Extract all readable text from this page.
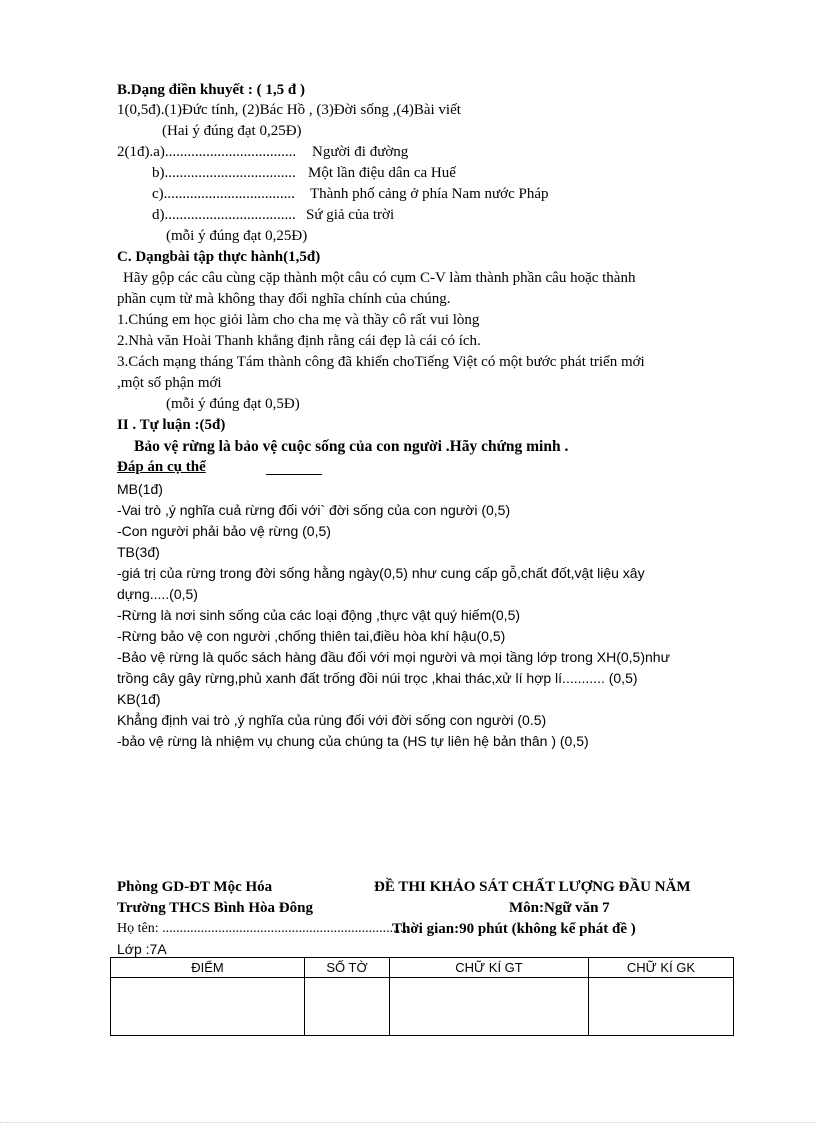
B.Dạng điền khuyết : ( 1,5 đ )
1(0,5đ).(1)Đức tính, (2)Bác Hồ , (3)Đời sống ,(4)Bài viết
(Hai ý đúng đạt 0,25Đ)
2(1đ).a)................................... Người đi đường
b)................................... Một lần điệu dân ca Huế
c)................................... Thành phố cảng ở phía Nam nước Pháp
d)................................... Sứ giả của trời
(mỗi ý đúng đạt 0,25Đ)
C. Dạngbài tập thực hành(1,5đ)
Hãy gộp các câu cùng cặp thành một câu có cụm C-V làm thành phần câu hoặc thành
phần cụm từ mà không thay đổi nghĩa chính của chúng.
1.Chúng em học giỏi làm cho cha mẹ và thầy cô rất vui lòng
2.Nhà văn Hoài Thanh khẳng định rằng cái đẹp là cái có ích.
3.Cách mạng tháng Tám thành công đã khiến choTiếng Việt có một bước phát triển mới
,một số phận mới
(mỗi ý đúng đạt 0,5Đ)
II . Tự luận :(5đ)
Bảo vệ rừng là bảo vệ cuộc sống của con người .Hãy chứng minh .
Đáp án cụ thể
MB(1đ)
-Vai trò ,ý nghĩa cuả rừng đối với` đời sống của con người (0,5)
-Con người phải bảo vệ rừng (0,5)
TB(3đ)
-giá trị của rừng trong đời sống hằng ngày(0,5) như cung cấp gỗ,chất đốt,vật liệu xây
dựng.....(0,5)
-Rừng là nơi sinh sống của các loại động ,thực vật quý hiếm(0,5)
-Rừng bảo vệ con người ,chống thiên tai,điều hòa khí hậu(0,5)
-Bảo vệ rừng là quốc sách hàng đầu đối với mọi người và mọi tầng lớp trong XH(0,5)như
trồng cây gây rừng,phủ xanh đất trống đồi núi trọc ,khai thác,xử lí hợp lí........... (0,5)
KB(1đ)
Khẳng định vai trò ,ý nghĩa của rùng đối với đời sống con người (0.5)
-bảo vệ rừng là nhiệm vụ chung của chúng ta (HS tự liên hệ bản thân ) (0,5)
Phòng GD-ĐT Mộc Hóa	ĐỀ THI KHẢO SÁT CHẤT LƯỢNG ĐẦU NĂM
Trường THCS Bình Hòa Đông	Môn:Ngữ văn 7
Họ tên: .......................................................................
Thời gian:90 phút (không kể phát đề )
Lớp :7A
ĐIỂM	SỐ TỜ	CHỮ KÍ GT	CHỮ KÍ GK
